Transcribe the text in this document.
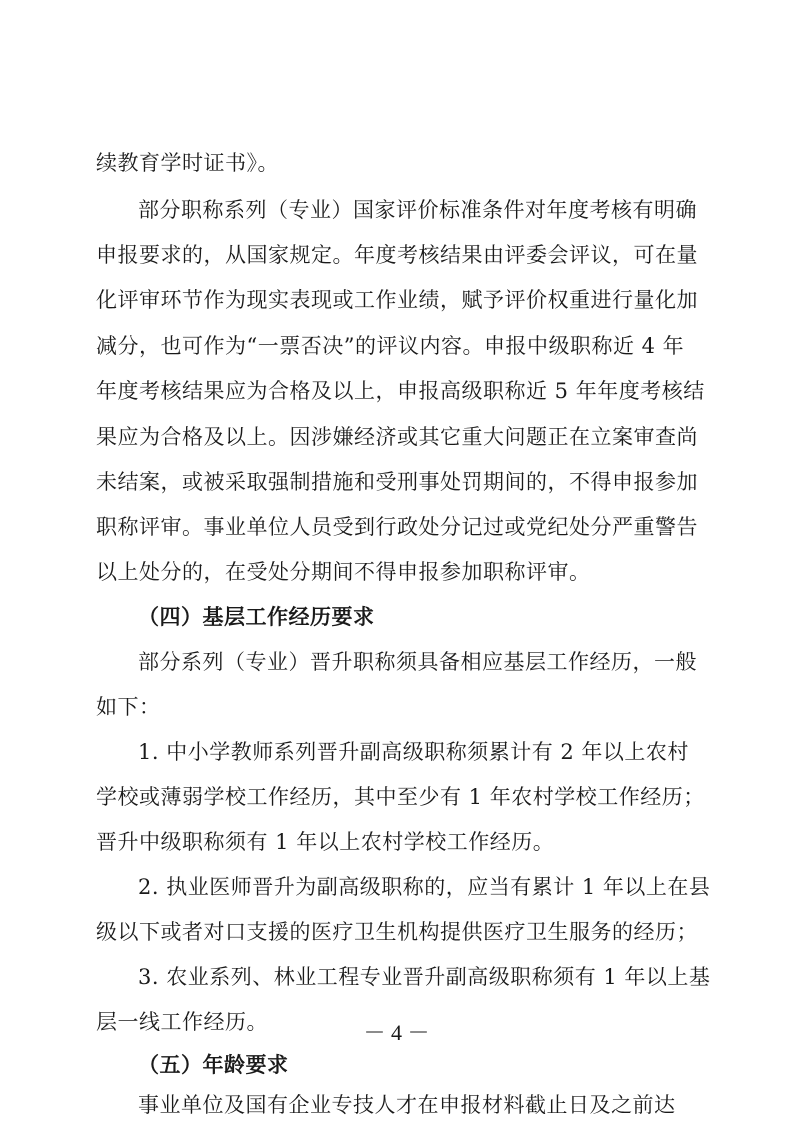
续教育学时证书》。
部分职称系列（专业）国家评价标准条件对年度考核有明确
申报要求的，从国家规定。年度考核结果由评委会评议，可在量
化评审环节作为现实表现或工作业绩，赋予评价权重进行量化加
减分，也可作为“一票否决”的评议内容。申报中级职称近 4 年
年度考核结果应为合格及以上，申报高级职称近 5 年年度考核结
果应为合格及以上。因涉嫌经济或其它重大问题正在立案审查尚
未结案，或被采取强制措施和受刑事处罚期间的，不得申报参加
职称评审。事业单位人员受到行政处分记过或党纪处分严重警告
以上处分的，在受处分期间不得申报参加职称评审。
（四）基层工作经历要求
部分系列（专业）晋升职称须具备相应基层工作经历，一般
如下：
1. 中小学教师系列晋升副高级职称须累计有 2 年以上农村
学校或薄弱学校工作经历，其中至少有 1 年农村学校工作经历；
晋升中级职称须有 1 年以上农村学校工作经历。
2. 执业医师晋升为副高级职称的，应当有累计 1 年以上在县
级以下或者对口支援的医疗卫生机构提供医疗卫生服务的经历；
3. 农业系列、林业工程专业晋升副高级职称须有 1 年以上基
层一线工作经历。
（五）年龄要求
事业单位及国有企业专技人才在申报材料截止日及之前达
－ 4 －
